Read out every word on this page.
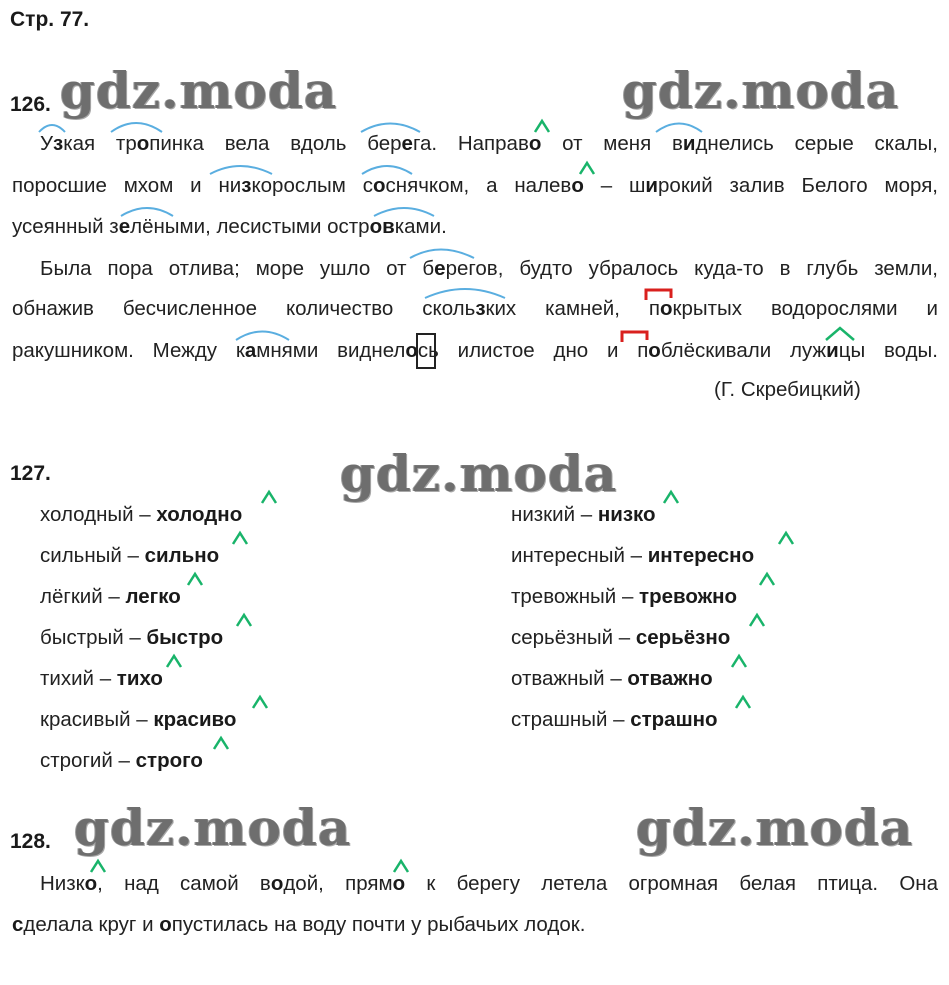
Стр. 77.
gdz.moda	gdz.moda
gdz.moda
gdz.moda	gdz.moda
126.
Узкая тропинка вела вдоль берега. Направо от меня виднелись серые скалы,
поросшие мхом и низкорослым соснячком, а налево – широкий залив Белого моря,
усеянный зелёными, лесистыми островками.
Была пора отлива; море ушло от берегов, будто убралось куда-то в глубь земли,
обнажив бесчисленное количество скользких камней, покрытых водорослями и
ракушником. Между камнями виднелось илистое дно и поблёскивали лужицы воды.
(Г. Скребицкий)
127.
холодный – холодно
сильный – сильно
лёгкий – легко
быстрый – быстро
тихий – тихо
красивый – красиво
строгий – строго
низкий – низко
интересный – интересно
тревожный – тревожно
серьёзный – серьёзно
отважный – отважно
страшный – страшно
128.
Низко, над самой водой, прямо к берегу летела огромная белая птица. Она
сделала круг и опустилась на воду почти у рыбачьих лодок.
